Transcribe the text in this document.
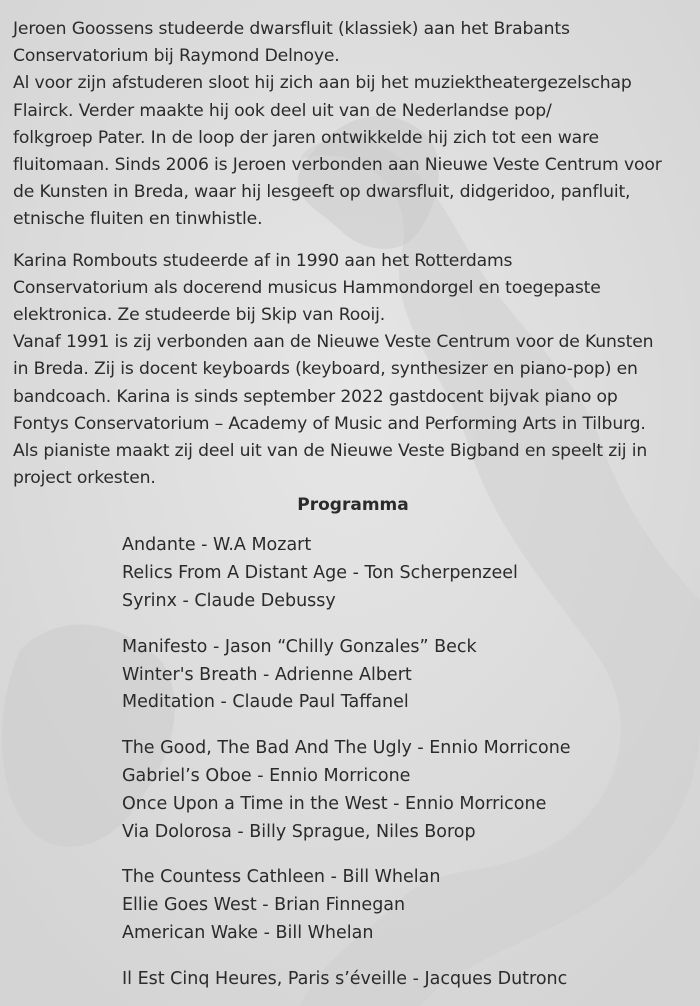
Jeroen Goossens studeerde dwarsfluit (klassiek) aan het Brabants
Conservatorium bij Raymond Delnoye.
Al voor zijn afstuderen sloot hij zich aan bij het muziektheatergezelschap
Flairck. Verder maakte hij ook deel uit van de Nederlandse pop/
folkgroep Pater. In de loop der jaren ontwikkelde hij zich tot een ware
fluitomaan. Sinds 2006 is Jeroen verbonden aan Nieuwe Veste Centrum voor
de Kunsten in Breda, waar hij lesgeeft op dwarsfluit, didgeridoo, panfluit,
etnische fluiten en tinwhistle.

Karina Rombouts studeerde af in 1990 aan het Rotterdams
Conservatorium als docerend musicus Hammondorgel en toegepaste
elektronica. Ze studeerde bij Skip van Rooij.
Vanaf 1991 is zij verbonden aan de Nieuwe Veste Centrum voor de Kunsten
in Breda. Zij is docent keyboards (keyboard, synthesizer en piano-pop) en
bandcoach. Karina is sinds september 2022 gastdocent bijvak piano op
Fontys Conservatorium – Academy of Music and Performing Arts in Tilburg.
Als pianiste maakt zij deel uit van de Nieuwe Veste Bigband en speelt zij in
project orkesten.

Programma
Andante - W.A Mozart
Relics From A Distant Age - Ton Scherpenzeel
Syrinx - Claude Debussy
Manifesto - Jason “Chilly Gonzales” Beck
Winter's Breath - Adrienne Albert
Meditation - Claude Paul Taffanel
The Good, The Bad And The Ugly - Ennio Morricone
Gabriel’s Oboe - Ennio Morricone
Once Upon a Time in the West - Ennio Morricone
Via Dolorosa - Billy Sprague, Niles Borop
The Countess Cathleen - Bill Whelan
Ellie Goes West - Brian Finnegan
American Wake - Bill Whelan
Il Est Cinq Heures, Paris s’éveille - Jacques Dutronc
